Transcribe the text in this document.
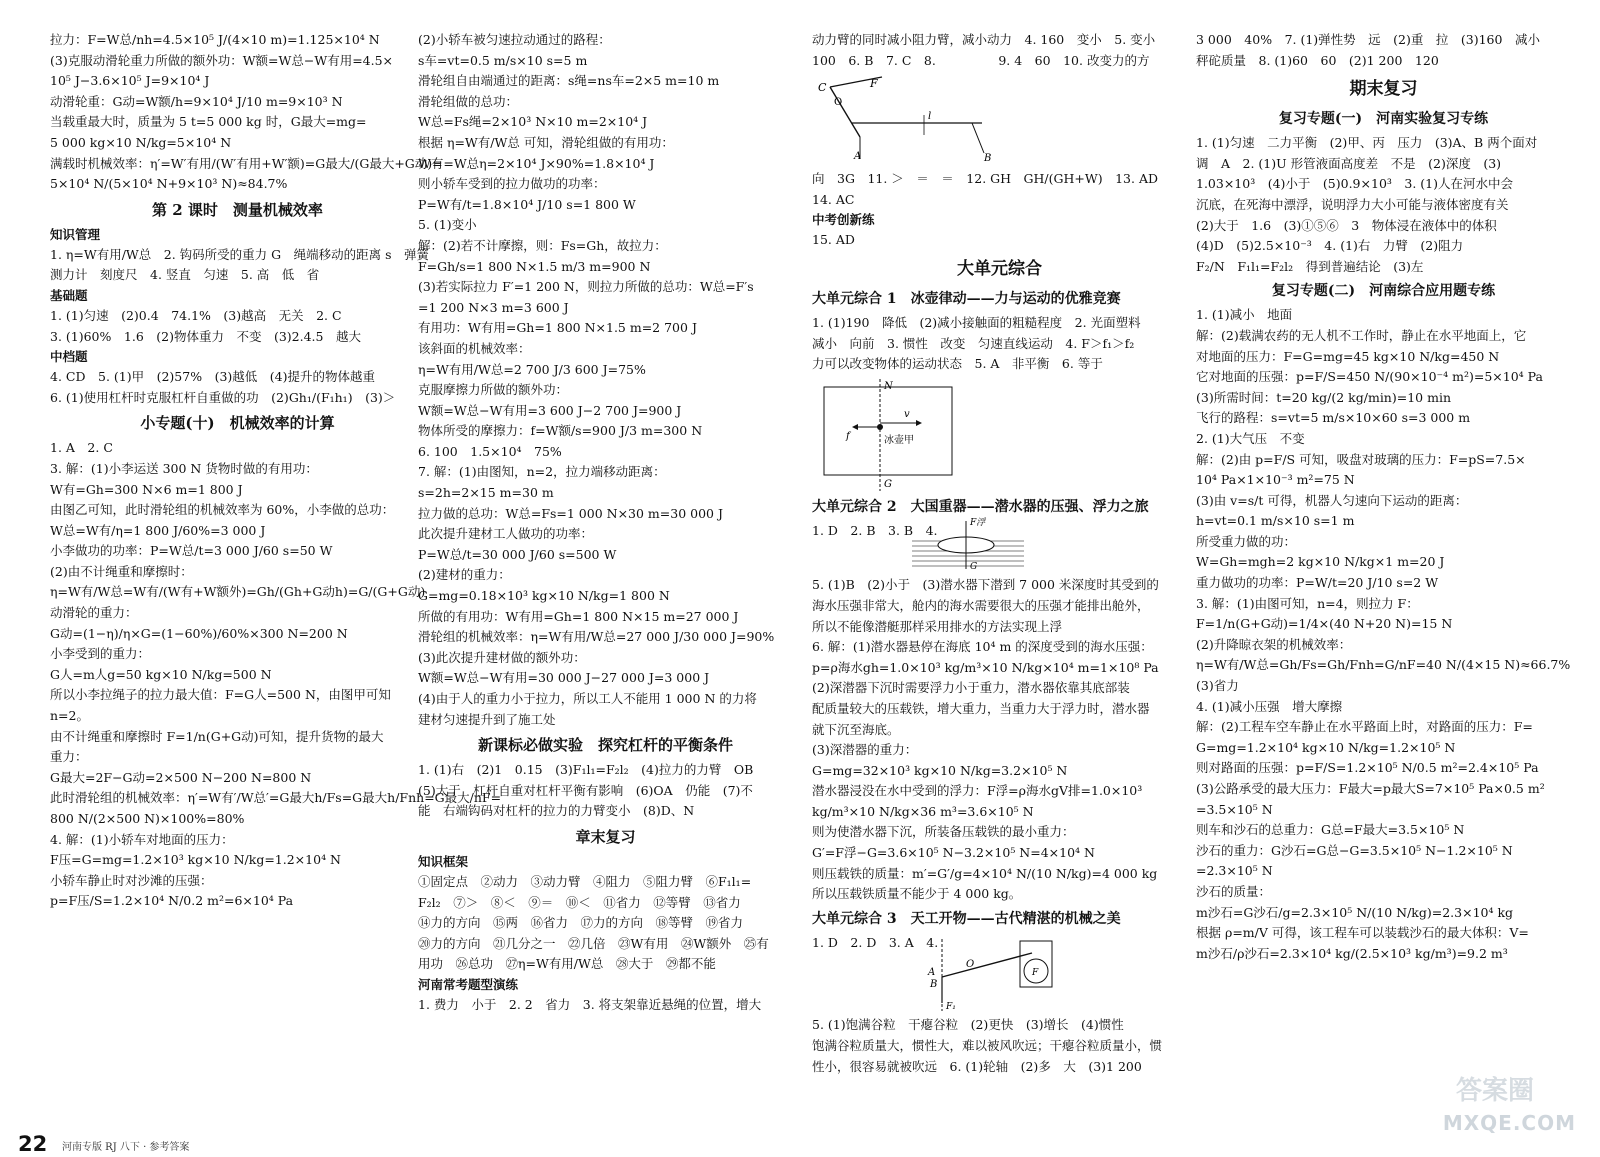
拉力：F=W总/nh=4.5×10⁵ J/(4×10 m)=1.125×10⁴ N
(3)克服动滑轮重力所做的额外功：W额=W总−W有用=4.5×
10⁵ J−3.6×10⁵ J=9×10⁴ J
动滑轮重：G动=W额/h=9×10⁴ J/10 m=9×10³ N
当载重最大时，质量为 5 t=5 000 kg 时，G最大=mg=
5 000 kg×10 N/kg=5×10⁴ N
满载时机械效率：η′=W′有用/(W′有用+W′额)=G最大/(G最大+G动)=
5×10⁴ N/(5×10⁴ N+9×10³ N)≈84.7%
第 2 课时　测量机械效率
知识管理
1. η=W有用/W总　2. 钩码所受的重力 G　绳端移动的距离 s　弹簧
测力计　刻度尺　4. 竖直　匀速　5. 高　低　省
基础题
1. (1)匀速　(2)0.4　74.1%　(3)越高　无关　2. C
3. (1)60%　1.6　(2)物体重力　不变　(3)2.4.5　越大
中档题
4. CD　5. (1)甲　(2)57%　(3)越低　(4)提升的物体越重
6. (1)使用杠杆时克服杠杆自重做的功　(2)Gh₁/(F₁h₁)　(3)＞
小专题(十)　机械效率的计算
1. A　2. C
3. 解：(1)小李运送 300 N 货物时做的有用功：
W有=Gh=300 N×6 m=1 800 J
由图乙可知，此时滑轮组的机械效率为 60%，小李做的总功：
W总=W有/η=1 800 J/60%=3 000 J
小李做功的功率：P=W总/t=3 000 J/60 s=50 W
(2)由不计绳重和摩擦时：
η=W有/W总=W有/(W有+W额外)=Gh/(Gh+G动h)=G/(G+G动)
动滑轮的重力：
G动=(1−η)/η×G=(1−60%)/60%×300 N=200 N
小李受到的重力：
G人=m人g=50 kg×10 N/kg=500 N
所以小李拉绳子的拉力最大值：F=G人=500 N，由图甲可知
n=2。
由不计绳重和摩擦时 F=1/n(G+G动)可知，提升货物的最大
重力：
G最大=2F−G动=2×500 N−200 N=800 N
此时滑轮组的机械效率：η′=W有′/W总′=G最大h/Fs=G最大h/Fnh=G最大/nF=
800 N/(2×500 N)×100%=80%
4. 解：(1)小轿车对地面的压力：
F压=G=mg=1.2×10³ kg×10 N/kg=1.2×10⁴ N
小轿车静止时对沙滩的压强：
p=F压/S=1.2×10⁴ N/0.2 m²=6×10⁴ Pa
(2)小轿车被匀速拉动通过的路程：
s车=vt=0.5 m/s×10 s=5 m
滑轮组自由端通过的距离：s绳=ns车=2×5 m=10 m
滑轮组做的总功：
W总=Fs绳=2×10³ N×10 m=2×10⁴ J
根据 η=W有/W总 可知，滑轮组做的有用功：
W有=W总η=2×10⁴ J×90%=1.8×10⁴ J
则小轿车受到的拉力做功的功率：
P=W有/t=1.8×10⁴ J/10 s=1 800 W
5. (1)变小
解：(2)若不计摩擦，则：Fs=Gh，故拉力：
F=Gh/s=1 800 N×1.5 m/3 m=900 N
(3)若实际拉力 F′=1 200 N，则拉力所做的总功：W总=F′s
=1 200 N×3 m=3 600 J
有用功：W有用=Gh=1 800 N×1.5 m=2 700 J
该斜面的机械效率：
η=W有用/W总=2 700 J/3 600 J=75%
克服摩擦力所做的额外功：
W额=W总−W有用=3 600 J−2 700 J=900 J
物体所受的摩擦力：f=W额/s=900 J/3 m=300 N
6. 100　1.5×10⁴　75%
7. 解：(1)由图知，n=2，拉力端移动距离：
s=2h=2×15 m=30 m
拉力做的总功：W总=Fs=1 000 N×30 m=30 000 J
此次提升建材工人做功的功率：
P=W总/t=30 000 J/60 s=500 W
(2)建材的重力：
G=mg=0.18×10³ kg×10 N/kg=1 800 N
所做的有用功：W有用=Gh=1 800 N×15 m=27 000 J
滑轮组的机械效率：η=W有用/W总=27 000 J/30 000 J=90%
(3)此次提升建材做的额外功：
W额=W总−W有用=30 000 J−27 000 J=3 000 J
(4)由于人的重力小于拉力，所以工人不能用 1 000 N 的力将
建材匀速提升到了施工处
新课标必做实验　探究杠杆的平衡条件
1. (1)右　(2)1　0.15　(3)F₁l₁=F₂l₂　(4)拉力的力臂　OB
(5)大于　杠杆自重对杠杆平衡有影响　(6)OA　仍能　(7)不
能　右端钩码对杠杆的拉力的力臂变小　(8)D、N
章末复习
知识框架
①固定点　②动力　③动力臂　④阻力　⑤阻力臂　⑥F₁l₁=
F₂l₂　⑦＞　⑧＜　⑨＝　⑩＜　⑪省力　⑫等臂　⑬省力
⑭力的方向　⑮两　⑯省力　⑰力的方向　⑱等臂　⑲省力
⑳力的方向　㉑几分之一　㉒几倍　㉓W有用　㉔W额外　㉕有
用功　㉖总功　㉗η=W有用/W总　㉘大于　㉙都不能
河南常考题型演练
1. 费力　小于　2. 2　省力　3. 将支架靠近悬绳的位置，增大
动力臂的同时减小阻力臂，减小动力　4. 160　变小　5. 变小
100　6. B　7. C　8.　　　　　9. 4　60　10. 改变力的方
C	F
O
l
A	B
向　3G　11. ＞　＝　＝　12. GH　GH/(GH+W)　13. AD
14. AC
中考创新练
15. AD
大单元综合
大单元综合 1　冰壶律动——力与运动的优雅竞赛
1. (1)190　降低　(2)减小接触面的粗糙程度　2. 光面塑料
减小　向前　3. 惯性　改变　匀速直线运动　4. F＞f₁＞f₂
力可以改变物体的运动状态　5. A　非平衡　6. 等于
N
v
f	冰壶甲
G
大单元综合 2　大国重器——潜水器的压强、浮力之旅
1. D　2. B　3. B　4.	F浮
G
5. (1)B　(2)小于　(3)潜水器下潜到 7 000 米深度时其受到的
海水压强非常大，舱内的海水需要很大的压强才能排出舱外，
所以不能像潜艇那样采用排水的方法实现上浮
6. 解：(1)潜水器悬停在海底 10⁴ m 的深度受到的海水压强：
p=ρ海水gh=1.0×10³ kg/m³×10 N/kg×10⁴ m=1×10⁸ Pa
(2)深潜器下沉时需要浮力小于重力，潜水器依靠其底部装
配质量较大的压载铁，增大重力，当重力大于浮力时，潜水器
就下沉至海底。
(3)深潜器的重力：
G=mg=32×10³ kg×10 N/kg=3.2×10⁵ N
潜水器浸没在水中受到的浮力：F浮=ρ海水gV排=1.0×10³
kg/m³×10 N/kg×36 m³=3.6×10⁵ N
则为使潜水器下沉，所装备压载铁的最小重力：
G′=F浮−G=3.6×10⁵ N−3.2×10⁵ N=4×10⁴ N
则压载铁的质量：m′=G′/g=4×10⁴ N/(10 N/kg)=4 000 kg
所以压载铁质量不能少于 4 000 kg。
大单元综合 3　天工开物——古代精湛的机械之美
1. D　2. D　3. A　4.
A
B
O
F₁
F
5. (1)饱满谷粒　干瘪谷粒　(2)更快　(3)增长　(4)惯性
饱满谷粒质量大，惯性大，难以被风吹远；干瘪谷粒质量小，惯
性小，很容易就被吹远　6. (1)轮轴　(2)多　大　(3)1 200
3 000　40%　7. (1)弹性势　远　(2)重　拉　(3)160　减小
秤砣质量　8. (1)60　60　(2)1 200　120
期末复习
复习专题(一)　河南实验复习专练
1. (1)匀速　二力平衡　(2)甲、丙　压力　(3)A、B 两个面对
调　A　2. (1)U 形管液面高度差　不是　(2)深度　(3)
1.03×10³　(4)小于　(5)0.9×10³　3. (1)人在河水中会
沉底，在死海中漂浮，说明浮力大小可能与液体密度有关
(2)大于　1.6　(3)①⑤⑥　3　物体浸在液体中的体积
(4)D　(5)2.5×10⁻³　4. (1)右　力臂　(2)阻力
F₂/N　F₁l₁=F₂l₂　得到普遍结论　(3)左
复习专题(二)　河南综合应用题专练
1. (1)减小　地面
解：(2)载满农药的无人机不工作时，静止在水平地面上，它
对地面的压力：F=G=mg=45 kg×10 N/kg=450 N
它对地面的压强：p=F/S=450 N/(90×10⁻⁴ m²)=5×10⁴ Pa
(3)所需时间：t=20 kg/(2 kg/min)=10 min
飞行的路程：s=vt=5 m/s×10×60 s=3 000 m
2. (1)大气压　不变
解：(2)由 p=F/S 可知，吸盘对玻璃的压力：F=pS=7.5×
10⁴ Pa×1×10⁻³ m²=75 N
(3)由 v=s/t 可得，机器人匀速向下运动的距离：
h=vt=0.1 m/s×10 s=1 m
所受重力做的功：
W=Gh=mgh=2 kg×10 N/kg×1 m=20 J
重力做功的功率：P=W/t=20 J/10 s=2 W
3. 解：(1)由图可知，n=4，则拉力 F：
F=1/n(G+G动)=1/4×(40 N+20 N)=15 N
(2)升降晾衣架的机械效率：
η=W有/W总=Gh/Fs=Gh/Fnh=G/nF=40 N/(4×15 N)≈66.7%
(3)省力
4. (1)减小压强　增大摩擦
解：(2)工程车空车静止在水平路面上时，对路面的压力：F=
G=mg=1.2×10⁴ kg×10 N/kg=1.2×10⁵ N
则对路面的压强：p=F/S=1.2×10⁵ N/0.5 m²=2.4×10⁵ Pa
(3)公路承受的最大压力：F最大=p最大S=7×10⁵ Pa×0.5 m²
=3.5×10⁵ N
则车和沙石的总重力：G总=F最大=3.5×10⁵ N
沙石的重力：G沙石=G总−G=3.5×10⁵ N−1.2×10⁵ N
=2.3×10⁵ N
沙石的质量：
m沙石=G沙石/g=2.3×10⁵ N/(10 N/kg)=2.3×10⁴ kg
根据 ρ=m/V 可得，该工程车可以装载沙石的最大体积：V=
m沙石/ρ沙石=2.3×10⁴ kg/(2.5×10³ kg/m³)=9.2 m³
22 河南专版 RJ 八下 · 参考答案
答案圈
MXQE.COM
